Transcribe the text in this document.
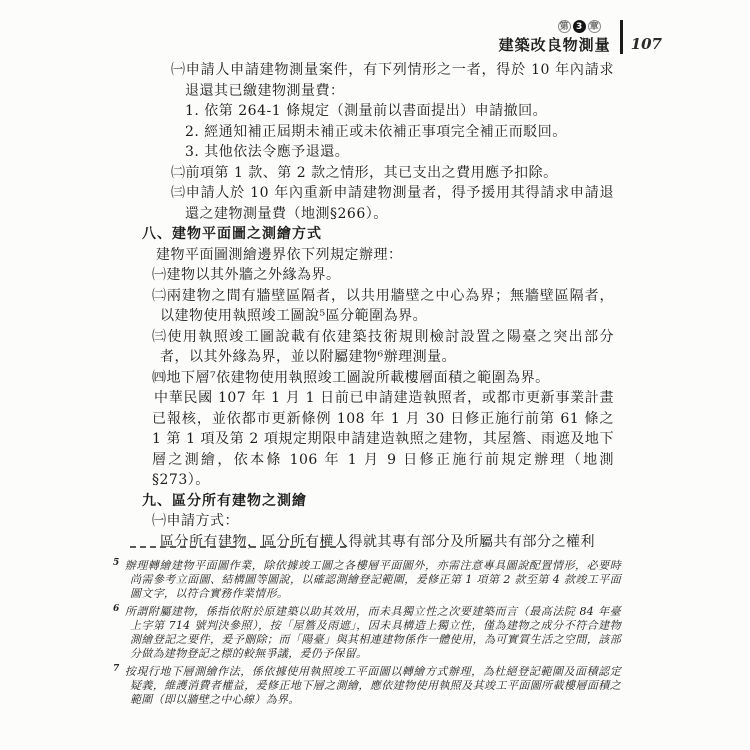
第 3 章
建築改良物測量 107
㈠申請人申請建物測量案件，有下列情形之一者，得於 10 年內請求退還其已繳建物測量費：
1. 依第 264-1 條規定（測量前以書面提出）申請撤回。
2. 經通知補正屆期未補正或未依補正事項完全補正而駁回。
3. 其他依法令應予退還。
㈡前項第 1 款、第 2 款之情形，其已支出之費用應予扣除。
㈢申請人於 10 年內重新申請建物測量者，得予援用其得請求申請退還之建物測量費（地測§266）。
八、建物平面圖之測繪方式
建物平面圖測繪邊界依下列規定辦理：
㈠建物以其外牆之外緣為界。
㈡兩建物之間有牆壁區隔者，以共用牆壁之中心為界；無牆壁區隔者，以建物使用執照竣工圖說⁵區分範圍為界。
㈢使用執照竣工圖說載有依建築技術規則檢討設置之陽臺之突出部分者，以其外緣為界，並以附屬建物⁶辦理測量。
㈣地下層⁷依建物使用執照竣工圖說所載樓層面積之範圍為界。
中華民國 107 年 1 月 1 日前已申請建造執照者，或都市更新事業計畫已報核，並依都市更新條例 108 年 1 月 30 日修正施行前第 61 條之 1 第 1 項及第 2 項規定期限申請建造執照之建物，其屋簷、雨遮及地下層之測繪，依本條 106 年 1 月 9 日修正施行前規定辦理（地測§273）。
九、區分所有建物之測繪
㈠申請方式：
區分所有建物，區分所有權人得就其專有部分及所屬共有部分之權利
$^5$ 辦理轉繪建物平面圖作業，除依據竣工圖之各樓層平面圖外，亦需注意專具圖說配置情形，必要時尚需參考立面圖、結構圖等圖說，以確認測繪登記範圍，爰修正第 1 項第 2 款至第 4 款竣工平面圖文字，以符合實務作業情形。
$^6$ 所謂附屬建物，係指依附於原建築以助其效用，而未具獨立性之次要建築而言（最高法院 84 年臺上字第 714 號判決參照），按「屋簷及雨遮」，因未具構造上獨立性，僅為建物之成分不符合建物測繪登記之要件，爰予刪除；而「陽臺」與其相連建物係作一體使用，為可實質生活之空間，該部分做為建物登記之標的較無爭議，爰仍予保留。
$^7$ 按現行地下層測繪作法，係依據使用執照竣工平面圖以轉繪方式辦理，為杜絕登記範圍及面積認定疑義，維護消費者權益，爰修正地下層之測繪，應依建物使用執照及其竣工平面圖所載樓層面積之範圍（即以牆壁之中心線）為界。
